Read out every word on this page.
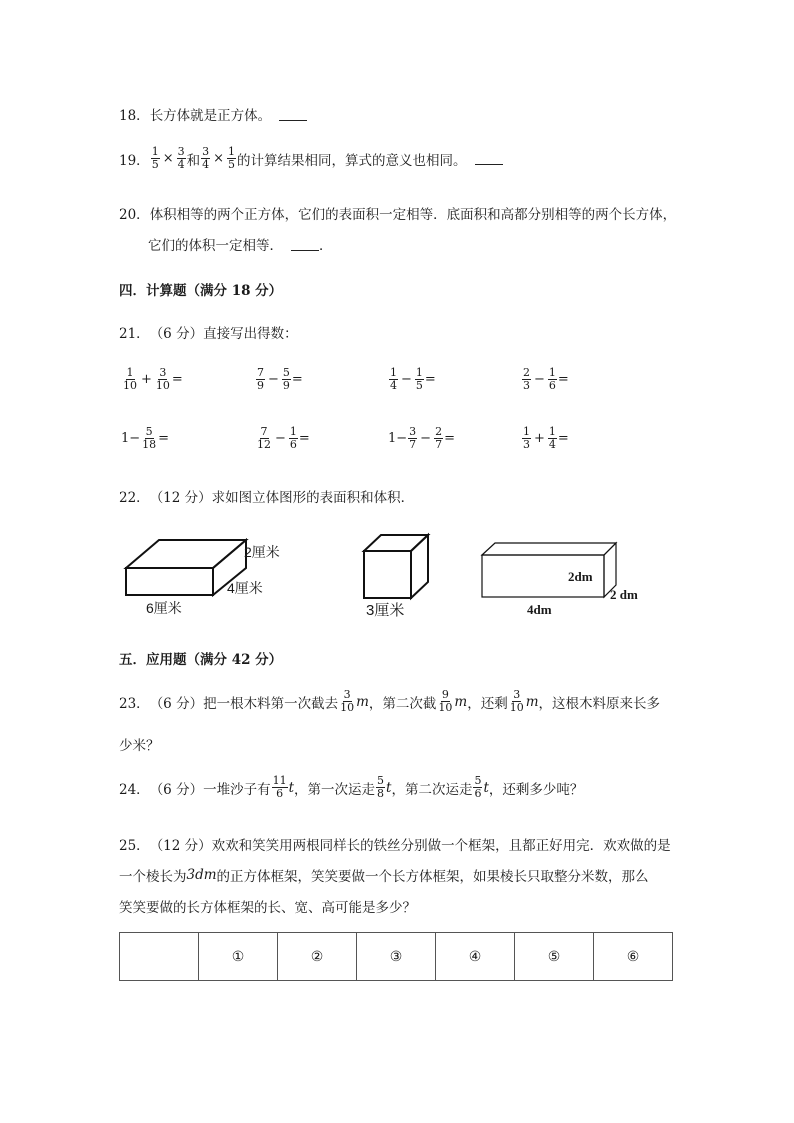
18． 长方体就是正方体。
19． $\frac{1}{5} \times \frac{3}{4}$ 和 $\frac{3}{4} \times \frac{1}{5}$ 的计算结果相同，算式的意义也相同。
20． 体积相等的两个正方体，它们的表面积一定相等．底面积和高都分别相等的两个长方体，
它们的体积一定相等．	．
四．计算题（满分 18 分）
21． （6 分）直接写出得数：
$\frac{1}{10} + \frac{3}{10}$ =	$\frac{7}{9} - \frac{5}{9}$ =	$\frac{1}{4} - \frac{1}{5}$ =	$\frac{2}{3} - \frac{1}{6}$ =
$1- \frac{5}{18}$ =	$\frac{7}{12} - \frac{1}{6}$ =	$1- \frac{3}{7} - \frac{2}{7}$ =	$\frac{1}{3} + \frac{1}{4}$ =
22． （12 分）求如图立体图形的表面积和体积．
2厘米
4厘米
6厘米	3厘米
2dm
2 dm
4dm
五．应用题（满分 42 分）
23． （6 分）把一根木料第一次截去 $\frac{3}{10}$ m ，第二次截 $\frac{9}{10}$ m ，还剩 $\frac{3}{10}$ m ，这根木料原来长多
少米？
24． （6 分）一堆沙子有 $\frac{11}{6}$ t ，第一次运走 $\frac{5}{8}$ t ，第二次运走 $\frac{5}{6}$ t ，还剩多少吨？
25． （12 分）欢欢和笑笑用两根同样长的铁丝分别做一个框架，且都正好用完．欢欢做的是
一个棱长为 3dm 的正方体框架，笑笑要做一个长方体框架，如果棱长只取整分米数，那么
笑笑要做的长方体框架的长、宽、高可能是多少？
	①	②	③	④	⑤	⑥
